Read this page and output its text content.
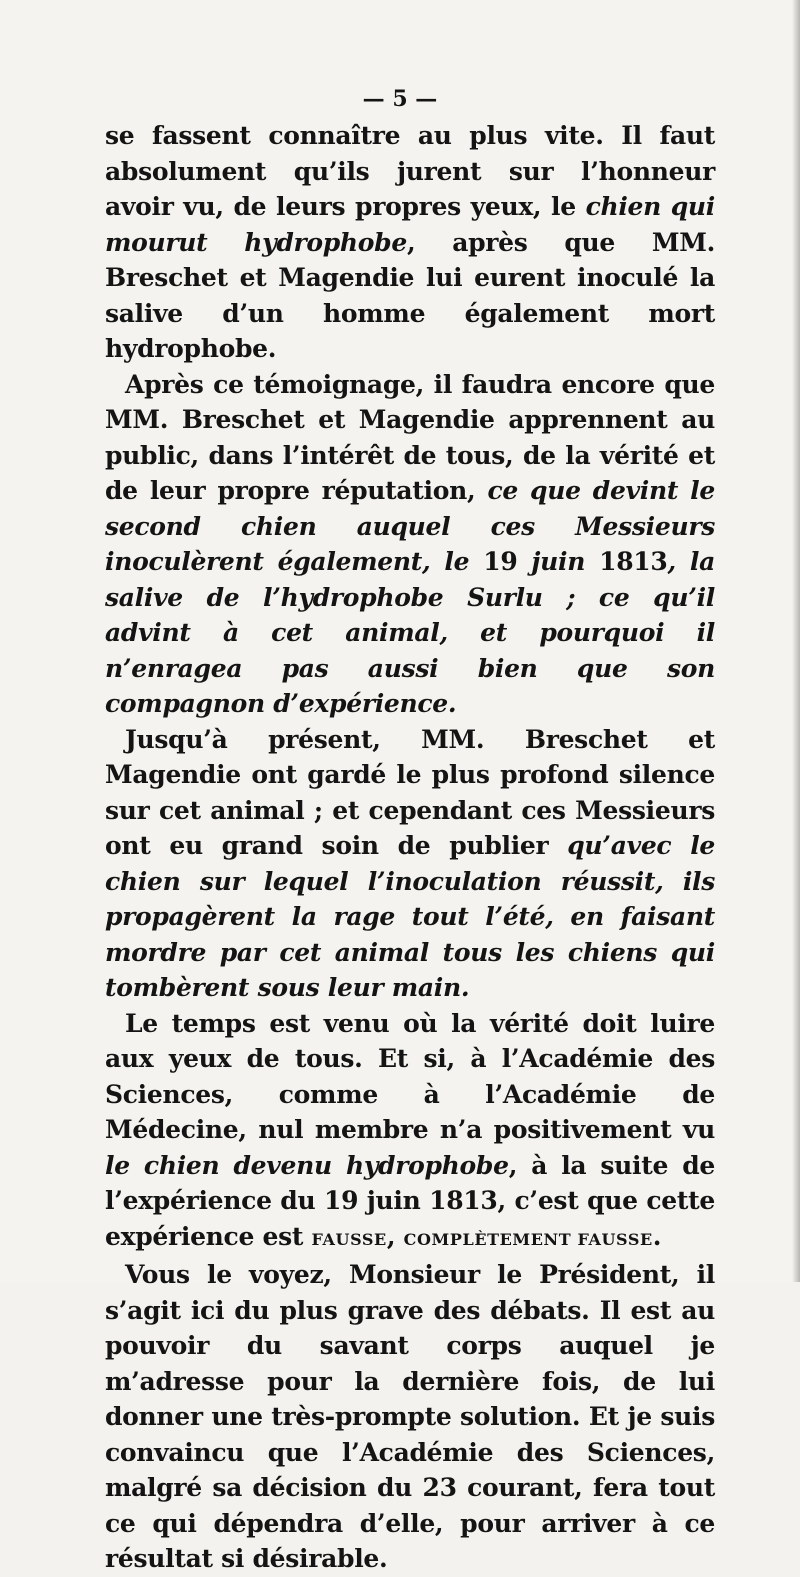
— 5 —

se fassent connaître au plus vite. Il faut absolument qu’ils jurent sur l’honneur avoir vu, de leurs propres yeux, le chien qui mourut hydrophobe, après que MM. Breschet et Magendie lui eurent inoculé la salive d’un homme également mort hydrophobe.

Après ce témoignage, il faudra encore que MM. Breschet et Magendie apprennent au public, dans l’intérêt de tous, de la vérité et de leur propre réputation, ce que devint le second chien auquel ces Messieurs inoculèrent également, le 19 juin 1813, la salive de l’hydrophobe Surlu ; ce qu’il advint à cet animal, et pourquoi il n’enragea pas aussi bien que son compagnon d’expérience.

Jusqu’à présent, MM. Breschet et Magendie ont gardé le plus profond silence sur cet animal ; et cependant ces Messieurs ont eu grand soin de publier qu’avec le chien sur lequel l’inoculation réussit, ils propagèrent la rage tout l’été, en faisant mordre par cet animal tous les chiens qui tombèrent sous leur main.

Le temps est venu où la vérité doit luire aux yeux de tous. Et si, à l’Académie des Sciences, comme à l’Académie de Médecine, nul membre n’a positivement vu le chien devenu hydrophobe, à la suite de l’expérience du 19 juin 1813, c’est que cette expérience est FAUSSE, COMPLÈTEMENT FAUSSE.

Vous le voyez, Monsieur le Président, il s’agit ici du plus grave des débats. Il est au pouvoir du savant corps auquel je m’adresse pour la dernière fois, de lui donner une très-prompte solution. Et je suis convaincu que l’Académie des Sciences, malgré sa décision du 23 courant, fera tout ce qui dépendra d’elle, pour arriver à ce résultat si désirable.
